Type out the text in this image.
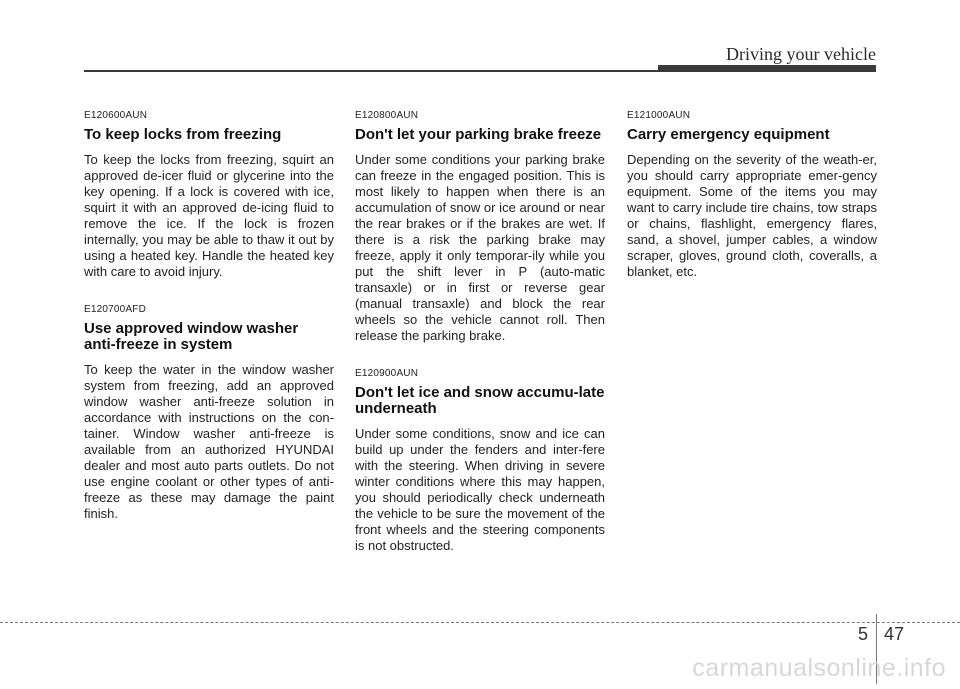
Driving your vehicle
E120600AUN
To keep locks from freezing

To keep the locks from freezing, squirt an approved de-icer fluid or glycerine into the key opening. If a lock is covered with ice, squirt it with an approved de-icing fluid to remove the ice. If the lock is frozen internally, you may be able to thaw it out by using a heated key. Handle the heated key with care to avoid injury.

E120700AFD
Use approved window washer anti-freeze in system

To keep the water in the window washer system from freezing, add an approved window washer anti-freeze solution in accordance with instructions on the con-tainer. Window washer anti-freeze is available from an authorized HYUNDAI dealer and most auto parts outlets. Do not use engine coolant or other types of anti-freeze as these may damage the paint finish.

E120800AUN
Don't let your parking brake freeze

Under some conditions your parking brake can freeze in the engaged position. This is most likely to happen when there is an accumulation of snow or ice around or near the rear brakes or if the brakes are wet. If there is a risk the parking brake may freeze, apply it only temporar-ily while you put the shift lever in P (auto-matic transaxle) or in first or reverse gear (manual transaxle) and block the rear wheels so the vehicle cannot roll. Then release the parking brake.

E120900AUN
Don't let ice and snow accumu-late underneath

Under some conditions, snow and ice can build up under the fenders and inter-fere with the steering. When driving in severe winter conditions where this may happen, you should periodically check underneath the vehicle to be sure the movement of the front wheels and the steering components is not obstructed.

E121000AUN
Carry emergency equipment

Depending on the severity of the weath-er, you should carry appropriate emer-gency equipment. Some of the items you may want to carry include tire chains, tow straps or chains, flashlight, emergency flares, sand, a shovel, jumper cables, a window scraper, gloves, ground cloth, coveralls, a blanket, etc.

5 47
carmanualsonline.info
